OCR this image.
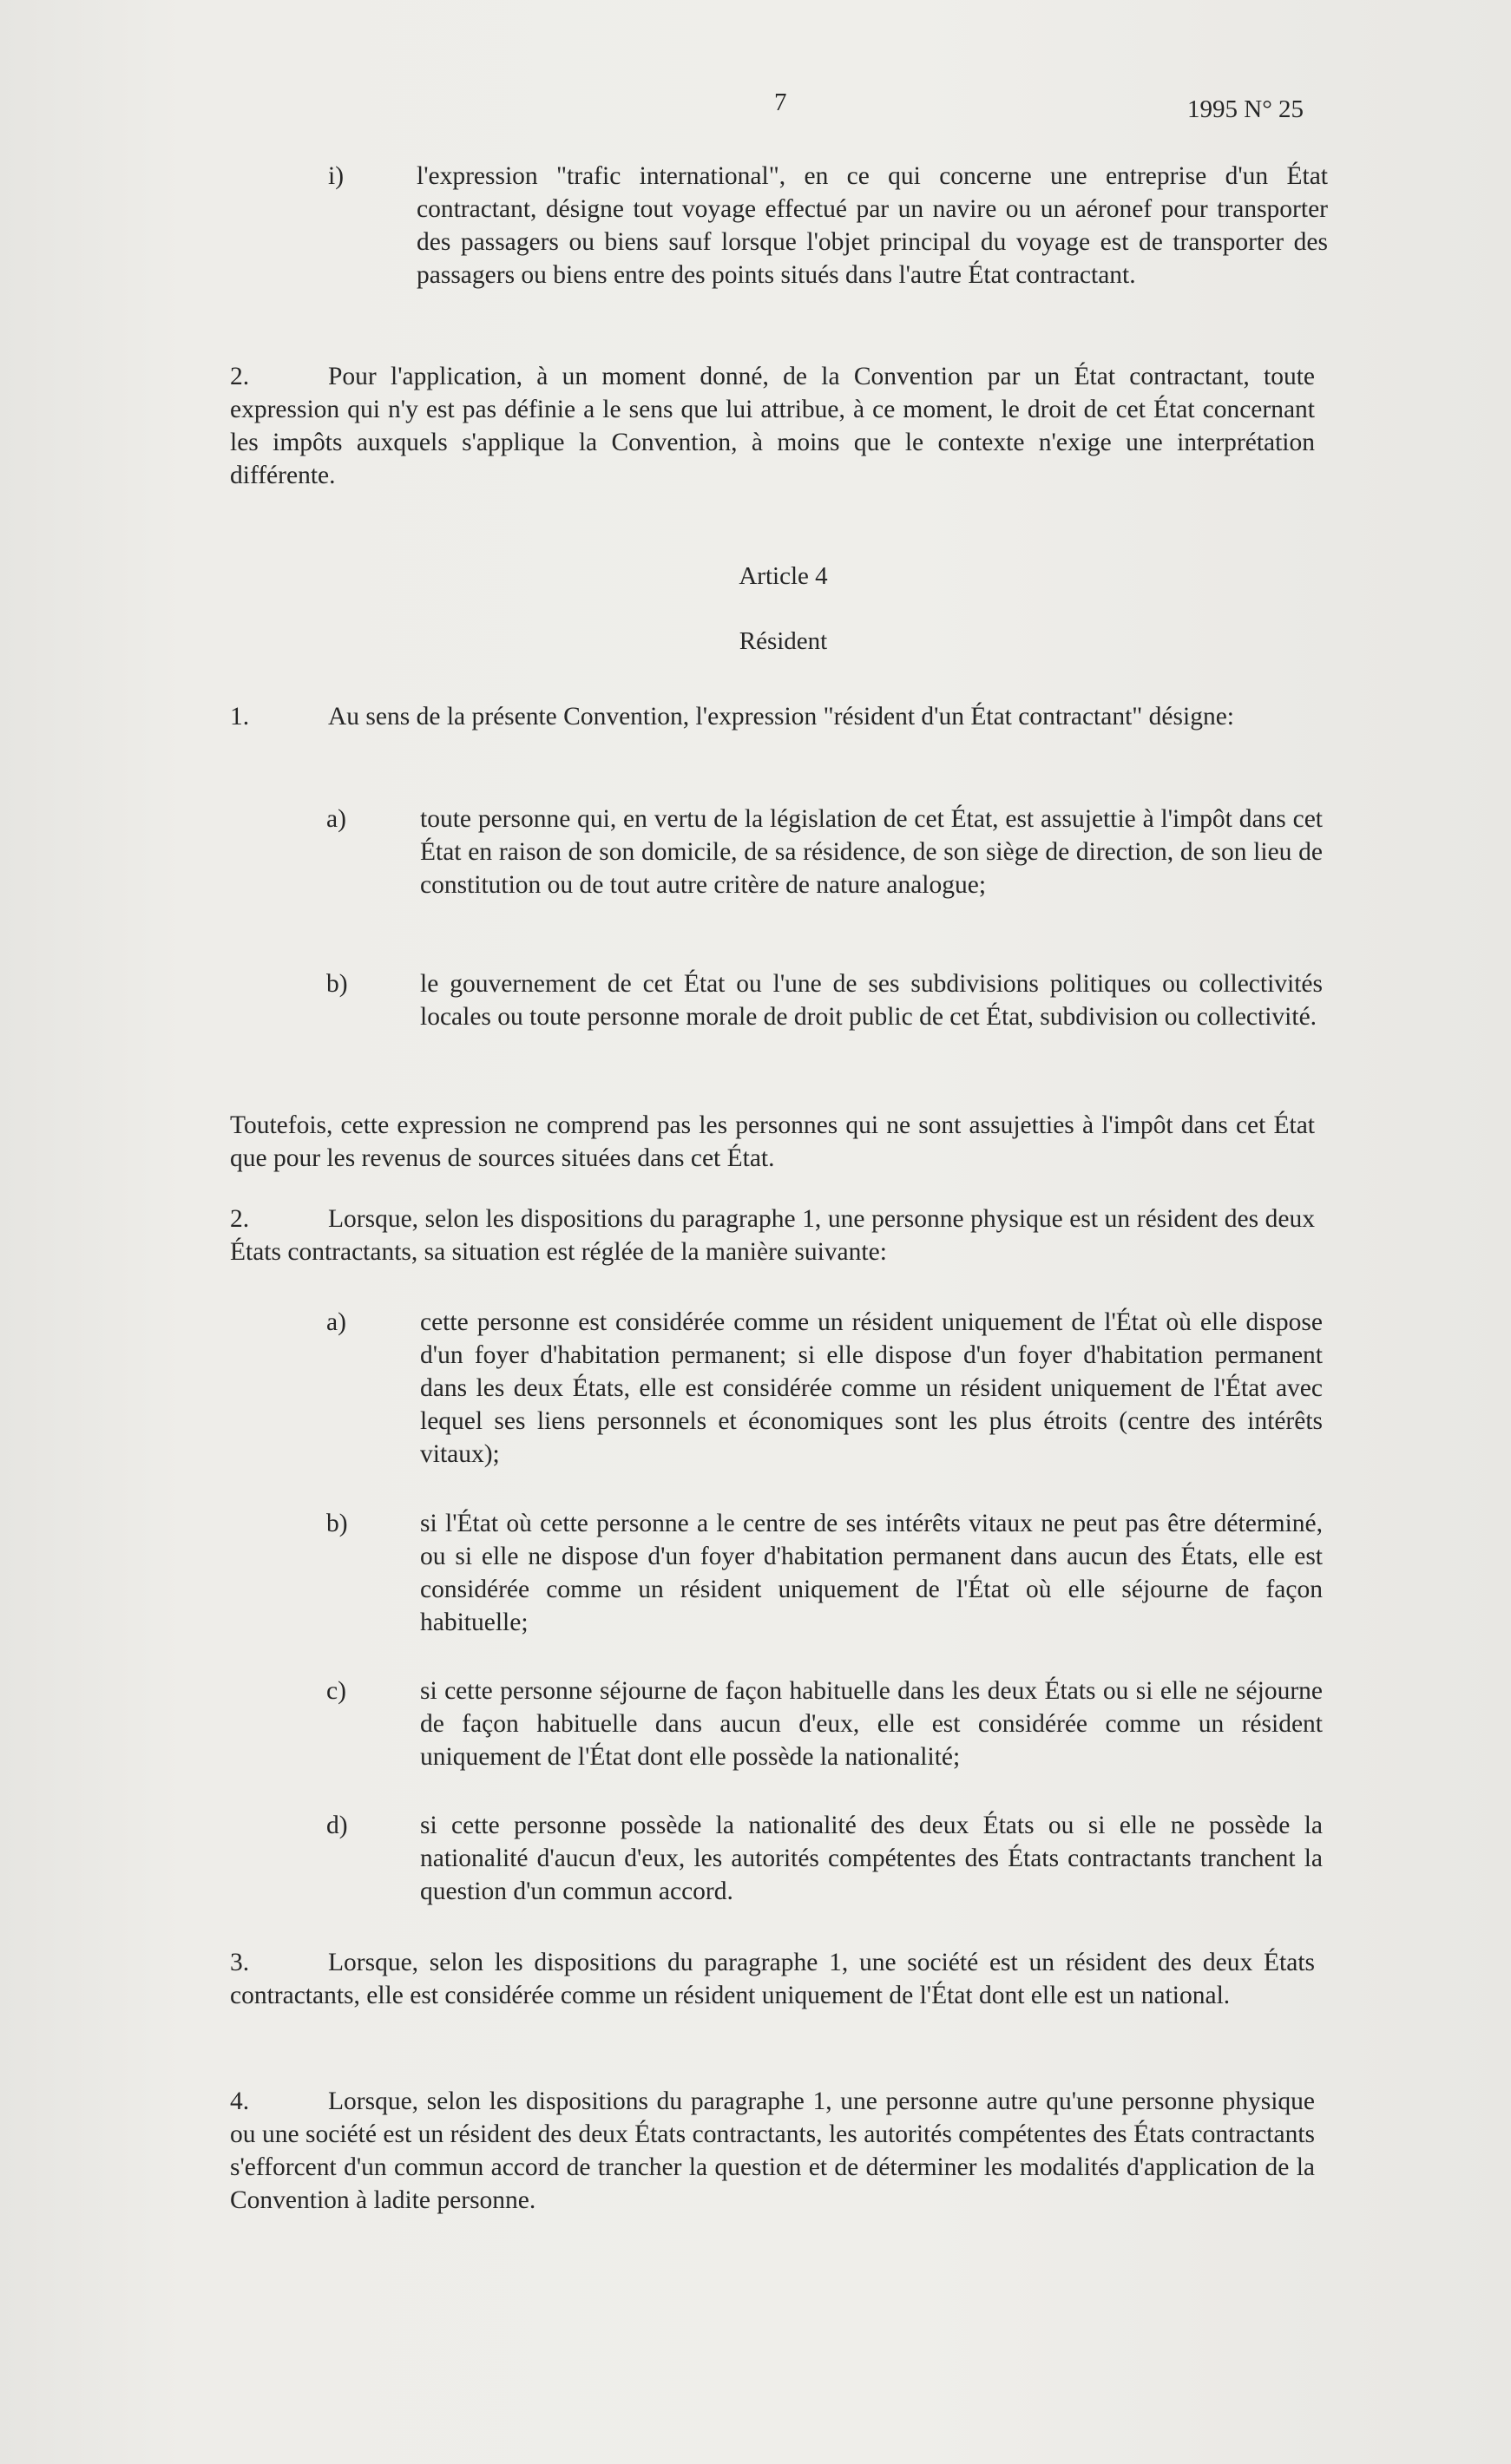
7	1995 N° 25
i)	l'expression "trafic international", en ce qui concerne une entreprise d'un État contractant, désigne tout voyage effectué par un navire ou un aéronef pour transporter des passagers ou biens sauf lorsque l'objet principal du voyage est de transporter des passagers ou biens entre des points situés dans l'autre État contractant.
2.	Pour l'application, à un moment donné, de la Convention par un État contractant, toute expression qui n'y est pas définie a le sens que lui attribue, à ce moment, le droit de cet État concernant les impôts auxquels s'applique la Convention, à moins que le contexte n'exige une interprétation différente.
Article 4
Résident
1.	Au sens de la présente Convention, l'expression "résident d'un État contractant" désigne:
a)	toute personne qui, en vertu de la législation de cet État, est assujettie à l'impôt dans cet État en raison de son domicile, de sa résidence, de son siège de direction, de son lieu de constitution ou de tout autre critère de nature analogue;
b)	le gouvernement de cet État ou l'une de ses subdivisions politiques ou collectivités locales ou toute personne morale de droit public de cet État, subdivision ou collectivité.
Toutefois, cette expression ne comprend pas les personnes qui ne sont assujetties à l'impôt dans cet État que pour les revenus de sources situées dans cet État.
2.	Lorsque, selon les dispositions du paragraphe 1, une personne physique est un résident des deux États contractants, sa situation est réglée de la manière suivante:
a)	cette personne est considérée comme un résident uniquement de l'État où elle dispose d'un foyer d'habitation permanent; si elle dispose d'un foyer d'habitation permanent dans les deux États, elle est considérée comme un résident uniquement de l'État avec lequel ses liens personnels et économiques sont les plus étroits (centre des intérêts vitaux);
b)	si l'État où cette personne a le centre de ses intérêts vitaux ne peut pas être déterminé, ou si elle ne dispose d'un foyer d'habitation permanent dans aucun des États, elle est considérée comme un résident uniquement de l'État où elle séjourne de façon habituelle;
c)	si cette personne séjourne de façon habituelle dans les deux États ou si elle ne séjourne de façon habituelle dans aucun d'eux, elle est considérée comme un résident uniquement de l'État dont elle possède la nationalité;
d)	si cette personne possède la nationalité des deux États ou si elle ne possède la nationalité d'aucun d'eux, les autorités compétentes des États contractants tranchent la question d'un commun accord.
3.	Lorsque, selon les dispositions du paragraphe 1, une société est un résident des deux États contractants, elle est considérée comme un résident uniquement de l'État dont elle est un national.
4.	Lorsque, selon les dispositions du paragraphe 1, une personne autre qu'une personne physique ou une société est un résident des deux États contractants, les autorités compétentes des États contractants s'efforcent d'un commun accord de trancher la question et de déterminer les modalités d'application de la Convention à ladite personne.
